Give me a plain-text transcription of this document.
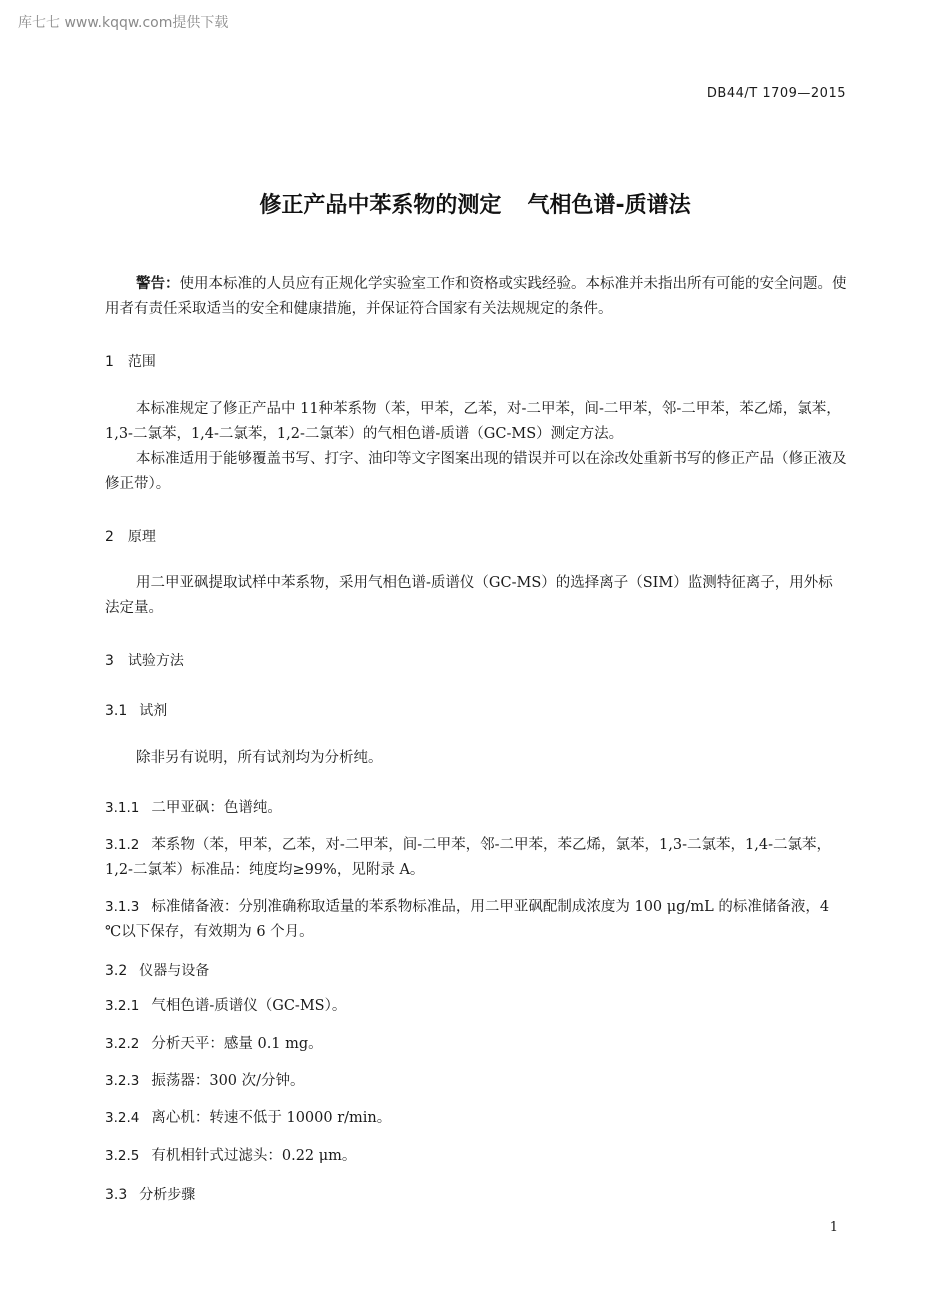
库七七 www.kqqw.com提供下载
DB44/T 1709—2015
修正产品中苯系物的测定 气相色谱-质谱法

警告：使用本标准的人员应有正规化学实验室工作和资格或实践经验。本标准并未指出所有可能的安全问题。使用者有责任采取适当的安全和健康措施，并保证符合国家有关法规规定的条件。

1 范围

本标准规定了修正产品中 11种苯系物（苯，甲苯，乙苯，对-二甲苯，间-二甲苯，邻-二甲苯，苯乙烯，氯苯，1,3-二氯苯，1,4-二氯苯，1,2-二氯苯）的气相色谱-质谱（GC-MS）测定方法。

本标准适用于能够覆盖书写、打字、油印等文字图案出现的错误并可以在涂改处重新书写的修正产品（修正液及修正带）。

2 原理

用二甲亚砜提取试样中苯系物，采用气相色谱-质谱仪（GC-MS）的选择离子（SIM）监测特征离子，用外标法定量。

3 试验方法
3.1 试剂

除非另有说明，所有试剂均为分析纯。

3.1.1 二甲亚砜：色谱纯。

3.1.2 苯系物（苯，甲苯，乙苯，对-二甲苯，间-二甲苯，邻-二甲苯，苯乙烯，氯苯，1,3-二氯苯，1,4-二氯苯，1,2-二氯苯）标准品：纯度均≥99%，见附录 A。

3.1.3 标准储备液：分别准确称取适量的苯系物标准品，用二甲亚砜配制成浓度为 100 μg/mL 的标准储备液，4 ℃以下保存，有效期为 6 个月。

3.2 仪器与设备

3.2.1 气相色谱-质谱仪（GC-MS）。

3.2.2 分析天平：感量 0.1 mg。

3.2.3 振荡器：300 次/分钟。

3.2.4 离心机：转速不低于 10000 r/min。

3.2.5 有机相针式过滤头：0.22 μm。

3.3 分析步骤
1
